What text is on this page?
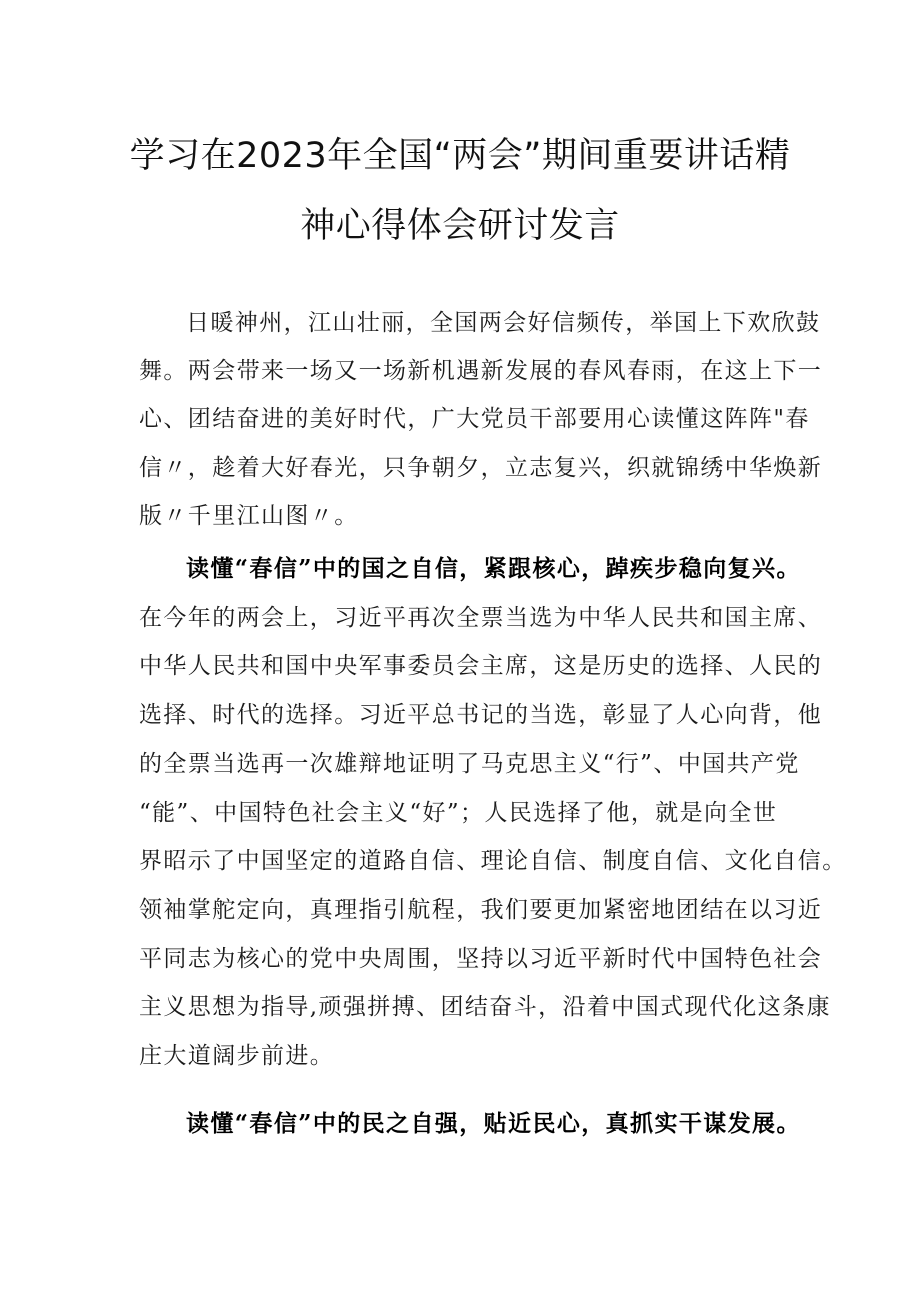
学习在2023年全国“两会”期间重要讲话精
神心得体会研讨发言
日暖神州，江山壮丽，全国两会好信频传，举国上下欢欣鼓
舞。两会带来一场又一场新机遇新发展的春风春雨，在这上下一
心、团结奋进的美好时代，广大党员干部要用心读懂这阵阵"春
信〃，趁着大好春光，只争朝夕，立志复兴，织就锦绣中华焕新
版〃千里江山图〃。
读懂“春信”中的国之自信，紧跟核心，踔疾步稳向复兴。
在今年的两会上，习近平再次全票当选为中华人民共和国主席、
中华人民共和国中央军事委员会主席，这是历史的选择、人民的
选择、时代的选择。习近平总书记的当选，彰显了人心向背，他
的全票当选再一次雄辩地证明了马克思主义“行”、中国共产党
“能”、中国特色社会主义“好”；人民选择了他，就是向全世
界昭示了中国坚定的道路自信、理论自信、制度自信、文化自信。
领袖掌舵定向，真理指引航程，我们要更加紧密地团结在以习近
平同志为核心的党中央周围，坚持以习近平新时代中国特色社会
主义思想为指导,顽强拼搏、团结奋斗，沿着中国式现代化这条康
庄大道阔步前进。
读懂“春信”中的民之自强，贴近民心，真抓实干谋发展。
